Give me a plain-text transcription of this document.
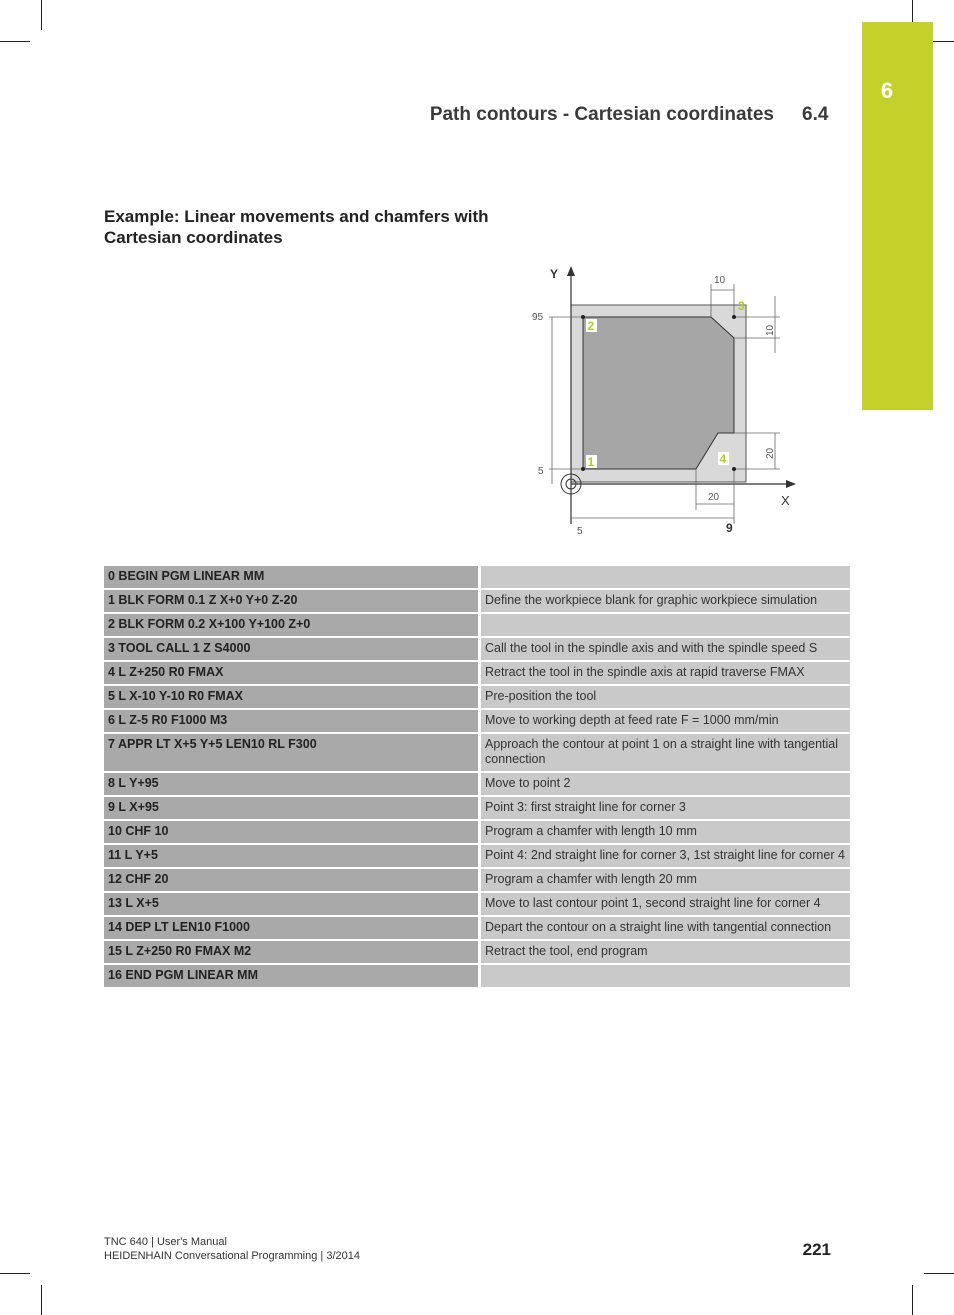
6
Path contours - Cartesian coordinates 6.4
Example: Linear movements and chamfers with Cartesian coordinates
Y
X
95
5
20
5	9
10
10
20
1
2
3
4
0 BEGIN PGM LINEAR MM	
1 BLK FORM 0.1 Z X+0 Y+0 Z-20	Define the workpiece blank for graphic workpiece simulation
2 BLK FORM 0.2 X+100 Y+100 Z+0	
3 TOOL CALL 1 Z S4000	Call the tool in the spindle axis and with the spindle speed S
4 L Z+250 R0 FMAX	Retract the tool in the spindle axis at rapid traverse FMAX
5 L X-10 Y-10 R0 FMAX	Pre-position the tool
6 L Z-5 R0 F1000 M3	Move to working depth at feed rate F = 1000 mm/min
7 APPR LT X+5 Y+5 LEN10 RL F300	Approach the contour at point 1 on a straight line with tangential connection
8 L Y+95	Move to point 2
9 L X+95	Point 3: first straight line for corner 3
10 CHF 10	Program a chamfer with length 10 mm
11 L Y+5	Point 4: 2nd straight line for corner 3, 1st straight line for corner 4
12 CHF 20	Program a chamfer with length 20 mm
13 L X+5	Move to last contour point 1, second straight line for corner 4
14 DEP LT LEN10 F1000	Depart the contour on a straight line with tangential connection
15 L Z+250 R0 FMAX M2	Retract the tool, end program
16 END PGM LINEAR MM	
TNC 640 | User's Manual
HEIDENHAIN Conversational Programming | 3/2014	221
